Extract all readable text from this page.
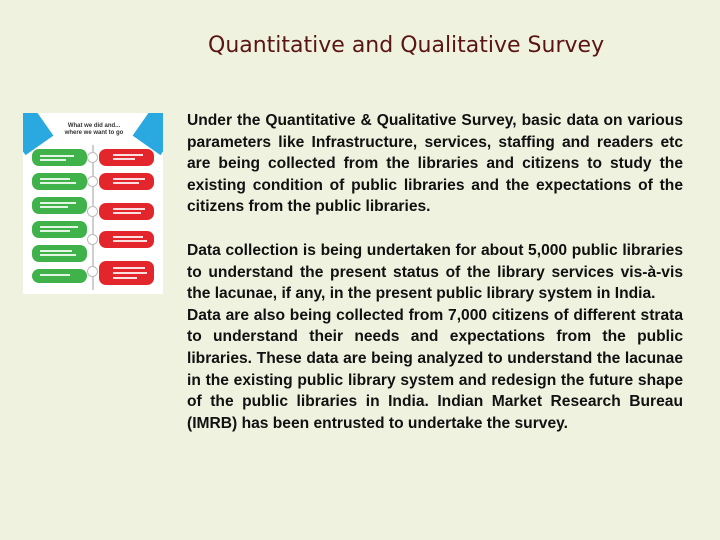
Quantitative and Qualitative Survey
What we did and...
where we want to go

Under the Quantitative & Qualitative Survey, basic data on various parameters like Infrastructure, services, staffing and readers etc are being collected from the libraries and citizens to study the existing condition of public libraries and the expectations of the citizens from the public libraries.

Data collection is being undertaken for about 5,000 public libraries to understand the present status of the library services vis-à-vis the lacunae, if any, in the present public library system in India.

Data are also being collected from 7,000 citizens of different strata to understand their needs and expectations from the public libraries. These data are being analyzed to understand the lacunae in the existing public library system and redesign the future shape of the public libraries in India. Indian Market Research Bureau (IMRB) has been entrusted to undertake the survey.
